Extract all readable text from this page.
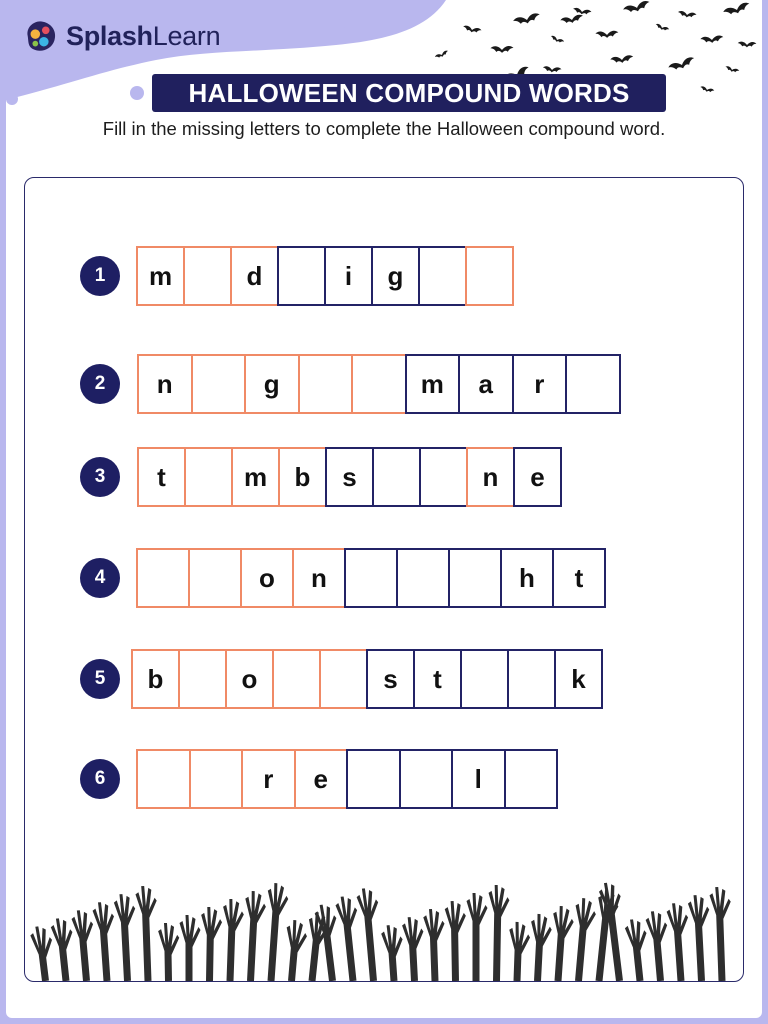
SplashLearn
HALLOWEEN COMPOUND WORDS
Fill in the missing letters to complete the Halloween compound word.
1	m	d	i	g
2	n	g	m	a	r
3	t	m	b	s	n	e
4	o	n	h	t
5	b	o	s	t	k
6	r	e	l
